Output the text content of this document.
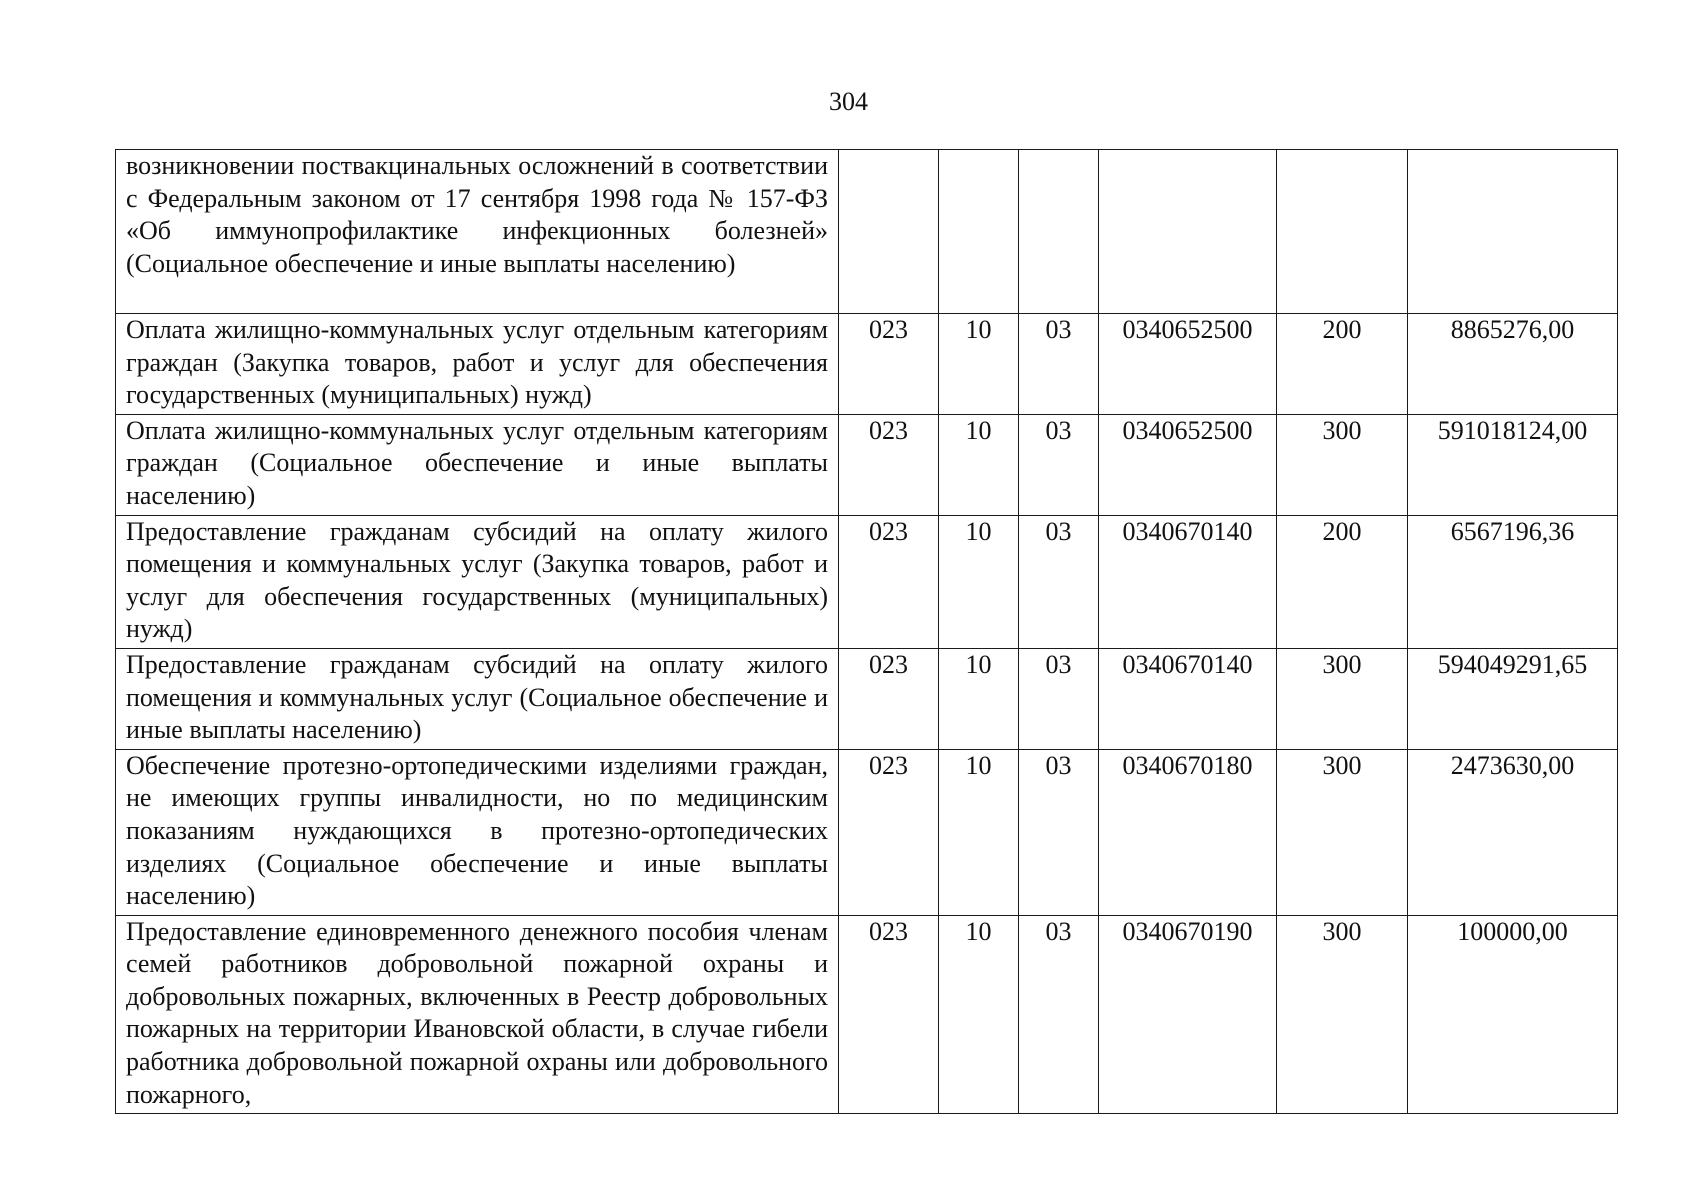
304
возникновении поствакцинальных осложнений в соответствии с Федеральным законом от 17 сентября 1998 года № 157-ФЗ «Об иммунопрофилактике инфекционных болезней» (Социальное обеспечение и иные выплаты населению)						
Оплата жилищно-коммунальных услуг отдельным категориям граждан (Закупка товаров, работ и услуг для обеспечения государственных (муниципальных) нужд)	023	10	03	0340652500	200	8865276,00
Оплата жилищно-коммунальных услуг отдельным категориям граждан (Социальное обеспечение и иные выплаты населению)	023	10	03	0340652500	300	591018124,00
Предоставление гражданам субсидий на оплату жилого помещения и коммунальных услуг (Закупка товаров, работ и услуг для обеспечения государственных (муниципальных) нужд)	023	10	03	0340670140	200	6567196,36
Предоставление гражданам субсидий на оплату жилого помещения и коммунальных услуг (Социальное обеспечение и иные выплаты населению)	023	10	03	0340670140	300	594049291,65
Обеспечение протезно-ортопедическими изделиями граждан, не имеющих группы инвалидности, но по медицинским показаниям нуждающихся в протезно-ортопедических изделиях (Социальное обеспечение и иные выплаты населению)	023	10	03	0340670180	300	2473630,00
Предоставление единовременного денежного пособия членам семей работников добровольной пожарной охраны и добровольных пожарных, включенных в Реестр добровольных пожарных на территории Ивановской области, в случае гибели работника добровольной пожарной охраны или добровольного пожарного,	023	10	03	0340670190	300	100000,00
